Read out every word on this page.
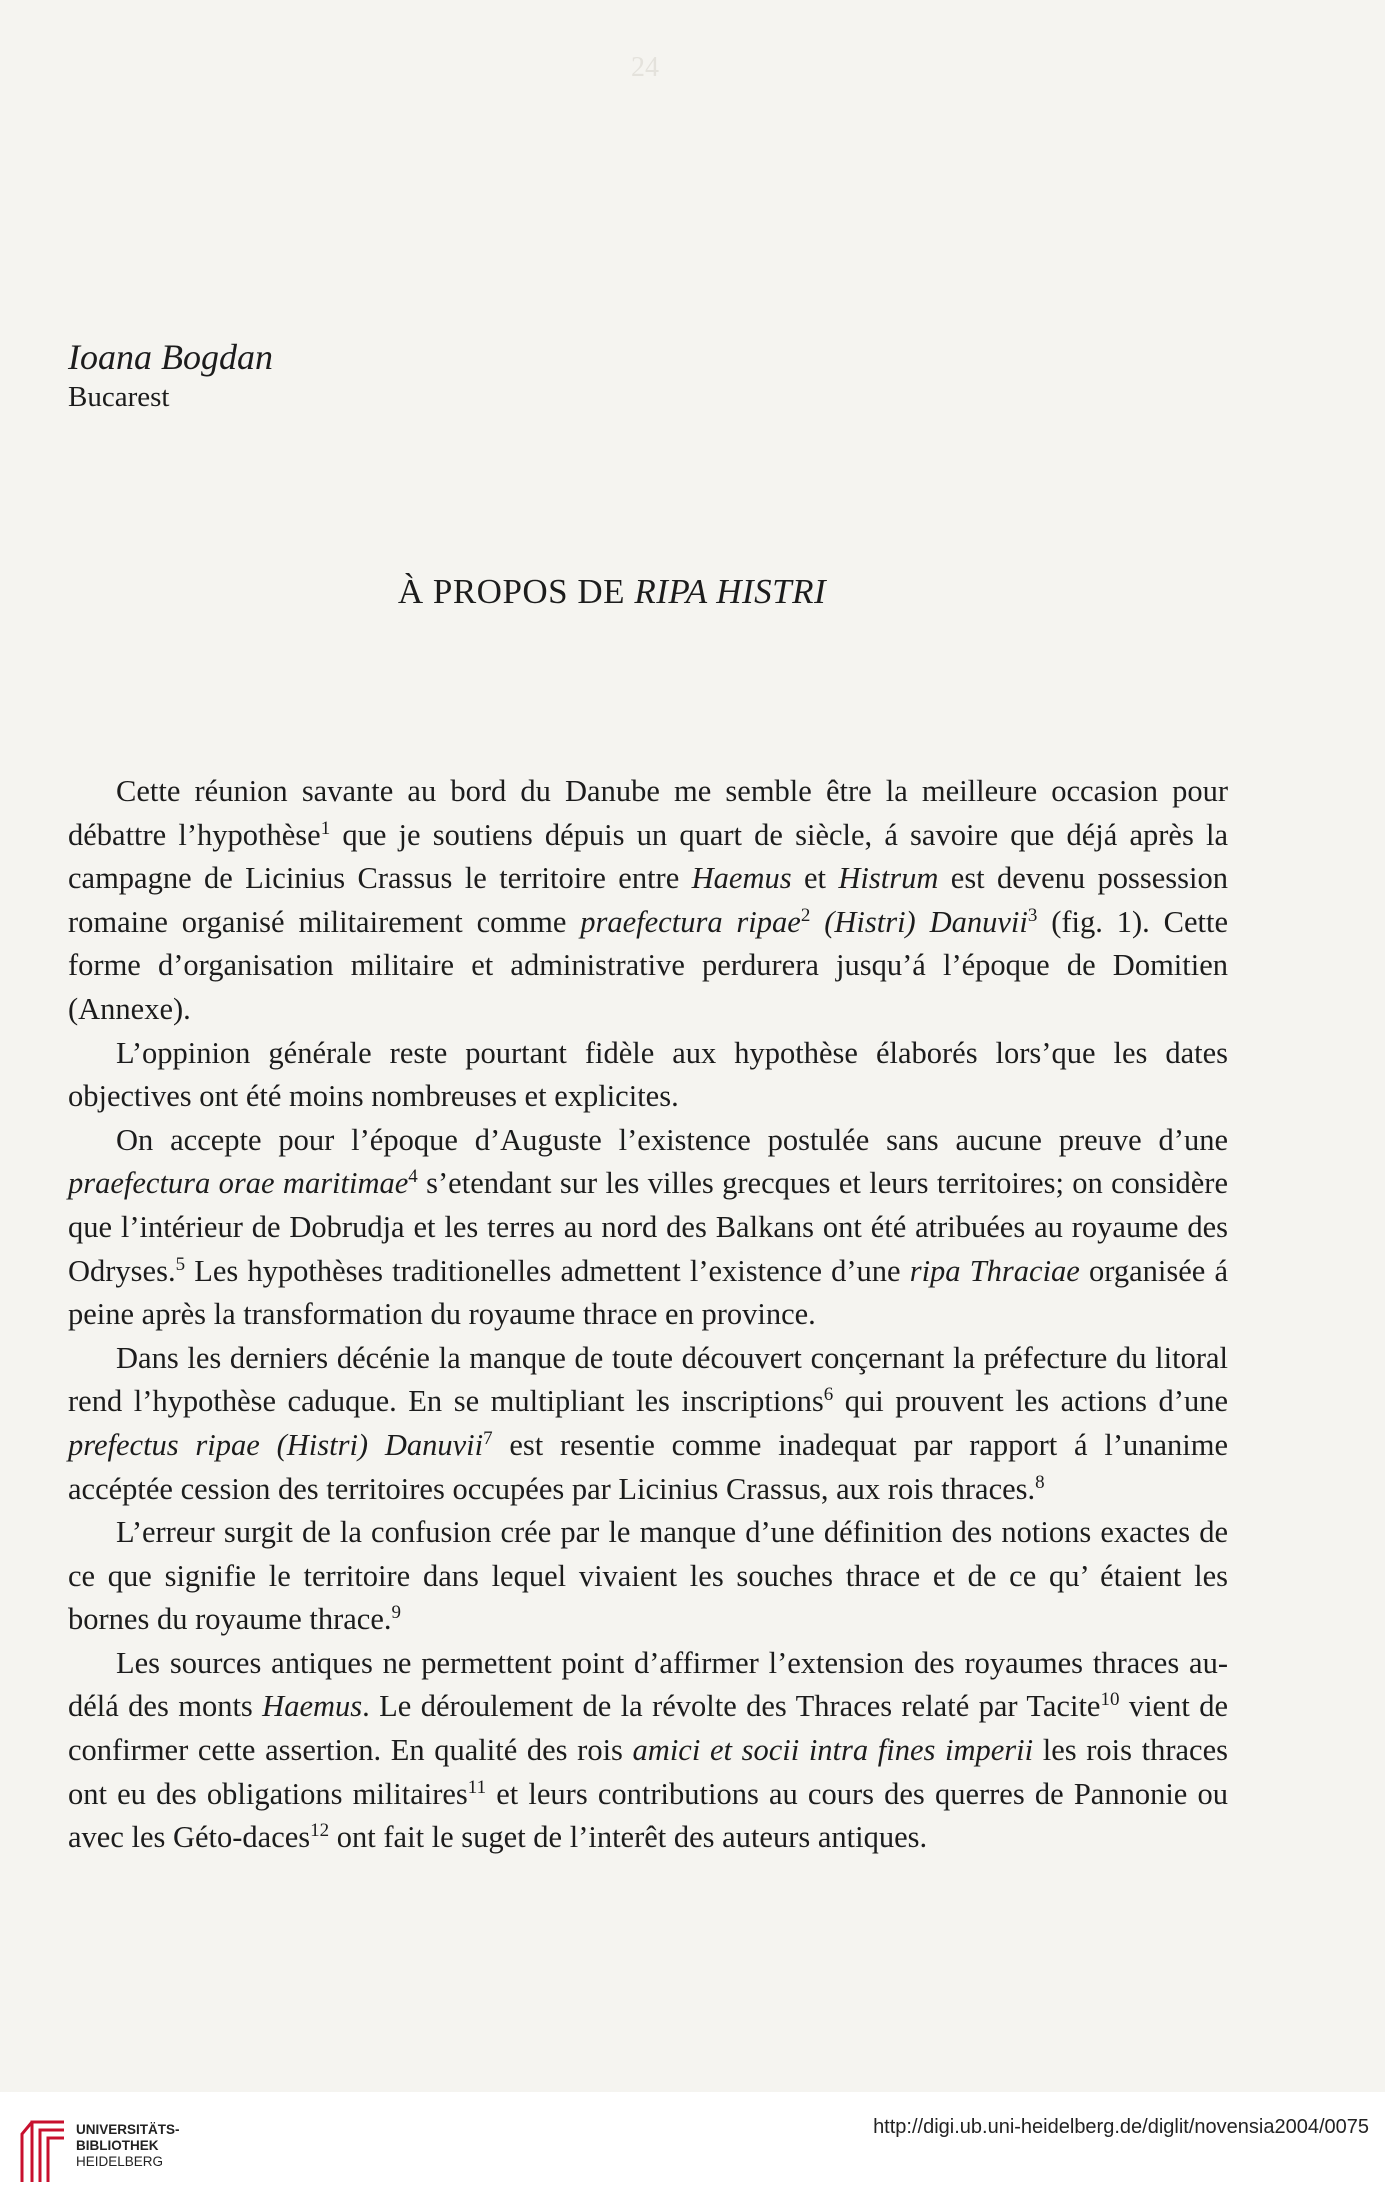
24
Ioana Bogdan
Bucarest
À PROPOS DE RIPA HISTRI

Cette réunion savante au bord du Danube me semble être la meilleure occasion pour débattre l’hypothèse$^1$ que je soutiens dépuis un quart de siècle, á savoire que déjá après la campagne de Licinius Crassus le territoire entre Haemus et Histrum est devenu possession romaine organisé militairement comme praefectura ripae$^2$ (Histri) Danuvii$^3$ (fig. 1). Cette forme d’organisation militaire et administrative perdurera jusqu’á l’époque de Domitien (Annexe).

L’oppinion générale reste pourtant fidèle aux hypothèse élaborés lors’que les dates objectives ont été moins nombreuses et explicites.

On accepte pour l’époque d’Auguste l’existence postulée sans aucune preuve d’une praefectura orae maritimae$^4$ s’etendant sur les villes grecques et leurs territoires; on considère que l’intérieur de Dobrudja et les terres au nord des Balkans ont été atribuées au royaume des Odryses.$^5$ Les hypothèses traditionelles admettent l’existence d’une ripa Thraciae organisée á peine après la transformation du royaume thrace en province.

Dans les derniers décénie la manque de toute découvert conçernant la préfecture du litoral rend l’hypothèse caduque. En se multipliant les inscriptions$^6$ qui prouvent les actions d’une prefectus ripae (Histri) Danuvii$^7$ est resentie comme inadequat par rapport á l’unanime accéptée cession des territoires occupées par Licinius Crassus, aux rois thraces.$^8$

L’erreur surgit de la confusion crée par le manque d’une définition des notions exactes de ce que signifie le territoire dans lequel vivaient les souches thrace et de ce qu’ étaient les bornes du royaume thrace.$^9$

Les sources antiques ne permettent point d’affirmer l’extension des royaumes thraces au-délá des monts Haemus. Le déroulement de la révolte des Thraces relaté par Tacite$^{10}$ vient de confirmer cette assertion. En qualité des rois amici et socii intra fines imperii les rois thraces ont eu des obligations militaires$^{11}$ et leurs contributions au cours des querres de Pannonie ou avec les Géto-daces$^{12}$ ont fait le suget de l’interêt des auteurs antiques.

UNIVERSITÄTS-
BIBLIOTHEK
HEIDELBERG
http://digi.ub.uni-heidelberg.de/diglit/novensia2004/0075
